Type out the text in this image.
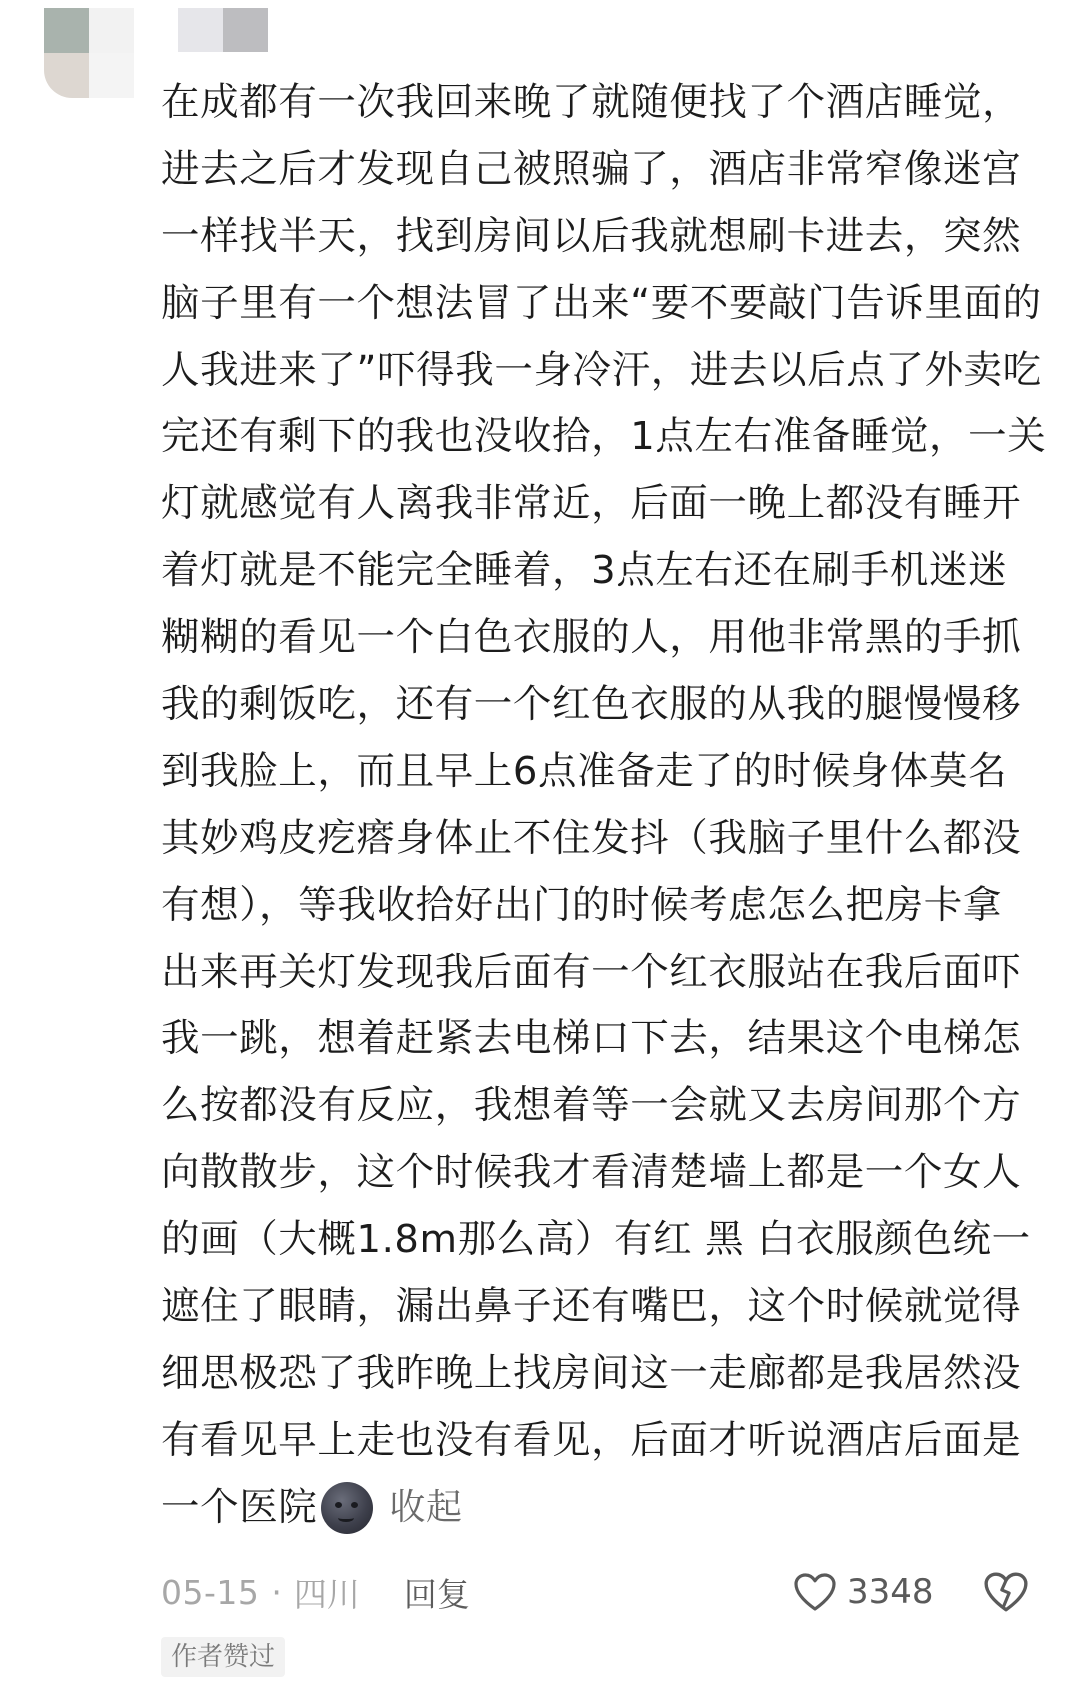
在成都有一次我回来晚了就随便找了个酒店睡觉，
进去之后才发现自己被照骗了，酒店非常窄像迷宫
一样找半天，找到房间以后我就想刷卡进去，突然
脑子里有一个想法冒了出来“要不要敲门告诉里面的
人我进来了”吓得我一身冷汗，进去以后点了外卖吃
完还有剩下的我也没收拾，1点左右准备睡觉，一关
灯就感觉有人离我非常近，后面一晚上都没有睡开
着灯就是不能完全睡着，3点左右还在刷手机迷迷
糊糊的看见一个白色衣服的人，用他非常黑的手抓
我的剩饭吃，还有一个红色衣服的从我的腿慢慢移
到我脸上，而且早上6点准备走了的时候身体莫名
其妙鸡皮疙瘩身体止不住发抖（我脑子里什么都没
有想），等我收拾好出门的时候考虑怎么把房卡拿
出来再关灯发现我后面有一个红衣服站在我后面吓
我一跳，想着赶紧去电梯口下去，结果这个电梯怎
么按都没有反应，我想着等一会就又去房间那个方
向散散步，这个时候我才看清楚墙上都是一个女人
的画（大概1.8m那么高）有红 黑 白衣服颜色统一
遮住了眼睛，漏出鼻子还有嘴巴，这个时候就觉得
细思极恐了我昨晚上找房间这一走廊都是我居然没
有看见早上走也没有看见，后面才听说酒店后面是
一个医院 收起
05-15 · 四川 回复	3348
作者赞过
